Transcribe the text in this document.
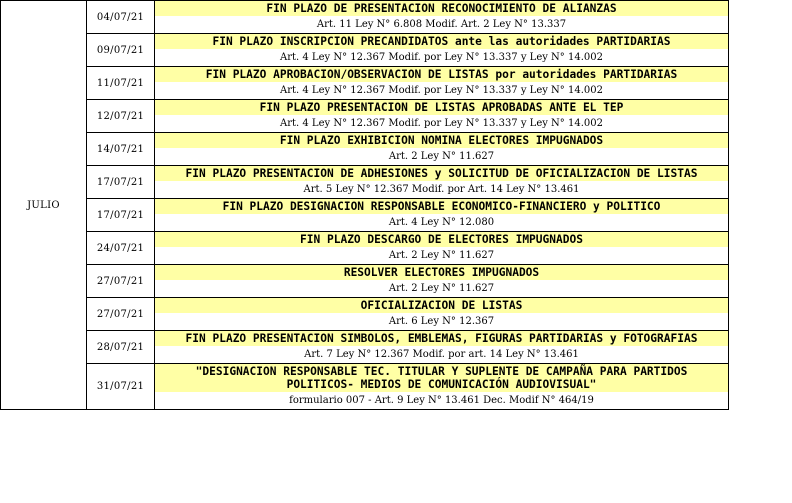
JULIO	04/07/21	FIN PLAZO DE PRESENTACION RECONOCIMIENTO DE ALIANZAS
Art. 11 Ley N° 6.808 Modif. Art. 2 Ley N° 13.337

	09/07/21	FIN PLAZO INSCRIPCION PRECANDIDATOS ante las autoridades PARTIDARIAS
Art. 4 Ley N° 12.367 Modif. por Ley N° 13.337 y Ley N° 14.002

	11/07/21	FIN PLAZO APROBACION/OBSERVACION DE LISTAS por autoridades PARTIDARIAS
Art. 4 Ley N° 12.367 Modif. por Ley N° 13.337 y Ley N° 14.002

	12/07/21	FIN PLAZO PRESENTACION DE LISTAS APROBADAS ANTE EL TEP
Art. 4 Ley N° 12.367 Modif. por Ley N° 13.337 y Ley N° 14.002

	14/07/21	FIN PLAZO EXHIBICION NOMINA ELECTORES IMPUGNADOS
Art. 2 Ley N° 11.627

	17/07/21	FIN PLAZO PRESENTACION DE ADHESIONES y SOLICITUD DE OFICIALIZACION DE LISTAS
Art. 5 Ley N° 12.367 Modif. por Art. 14 Ley N° 13.461

	17/07/21	FIN PLAZO DESIGNACION RESPONSABLE ECONOMICO-FINANCIERO y POLITICO
Art. 4 Ley N° 12.080

	24/07/21	FIN PLAZO DESCARGO DE ELECTORES IMPUGNADOS
Art. 2 Ley N° 11.627

	27/07/21	RESOLVER ELECTORES IMPUGNADOS
Art. 2 Ley N° 11.627

	27/07/21	OFICIALIZACION DE LISTAS
Art. 6 Ley N° 12.367

	28/07/21	FIN PLAZO PRESENTACION SIMBOLOS, EMBLEMAS, FIGURAS PARTIDARIAS y FOTOGRAFIAS
Art. 7 Ley N° 12.367 Modif. por art. 14 Ley N° 13.461

	31/07/21	"DESIGNACION RESPONSABLE TEC. TITULAR Y SUPLENTE DE CAMPAÑA PARA PARTIDOS POLITICOS- MEDIOS DE COMUNICACIÓN AUDIOVISUAL"
formulario 007 - Art. 9 Ley N° 13.461 Dec. Modif N° 464/19
